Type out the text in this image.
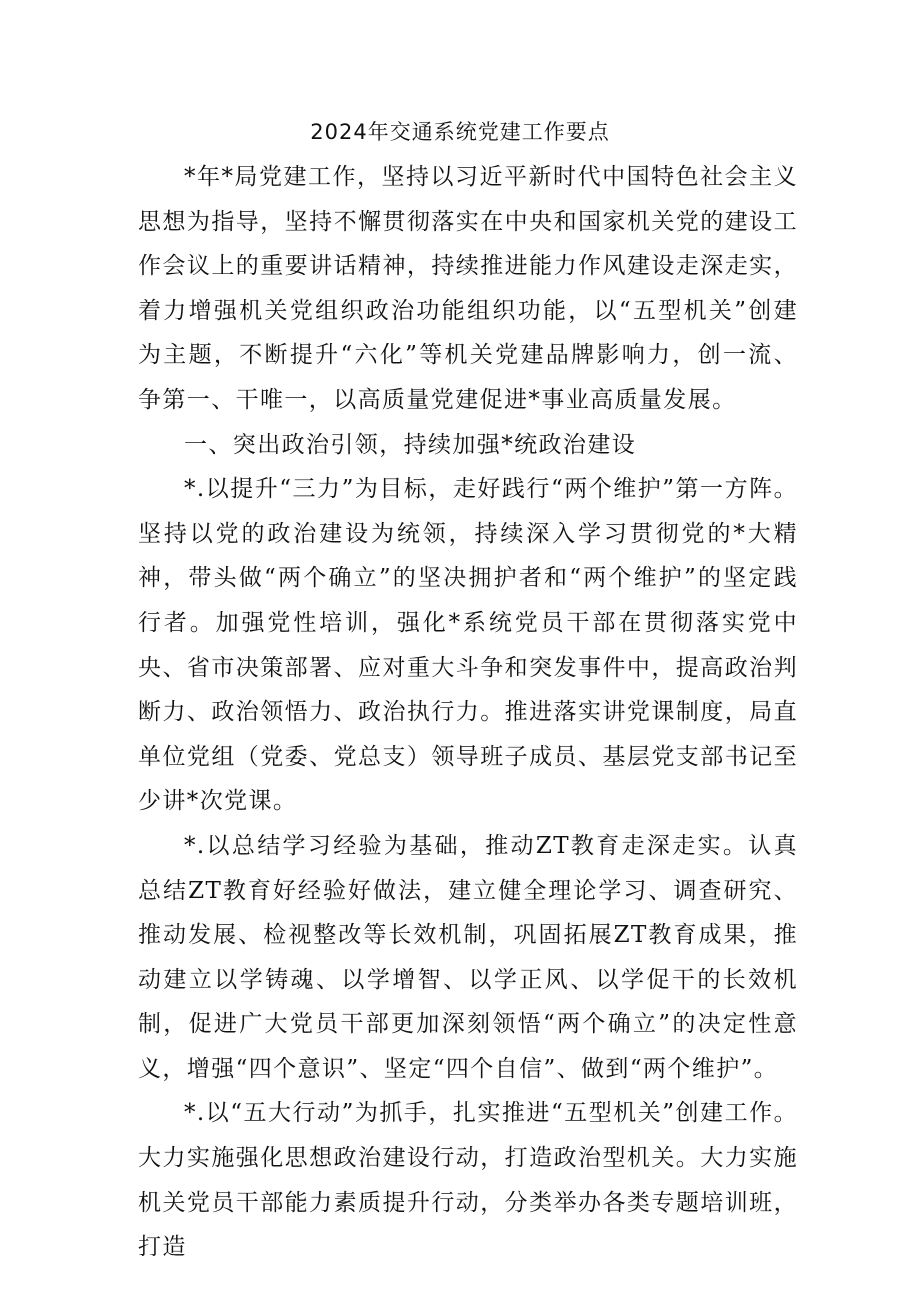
2024年交通系统党建工作要点

*年*局党建工作，坚持以习近平新时代中国特色社会主义思想为指导，坚持不懈贯彻落实在中央和国家机关党的建设工作会议上的重要讲话精神，持续推进能力作风建设走深走实，着力增强机关党组织政治功能组织功能，以“五型机关”创建为主题，不断提升“六化”等机关党建品牌影响力，创一流、争第一、干唯一，以高质量党建促进*事业高质量发展。

一、突出政治引领，持续加强*统政治建设

*.以提升“三力”为目标，走好践行“两个维护”第一方阵。坚持以党的政治建设为统领，持续深入学习贯彻党的*大精神，带头做“两个确立”的坚决拥护者和“两个维护”的坚定践行者。加强党性培训，强化*系统党员干部在贯彻落实党中央、省市决策部署、应对重大斗争和突发事件中，提高政治判断力、政治领悟力、政治执行力。推进落实讲党课制度，局直单位党组（党委、党总支）领导班子成员、基层党支部书记至少讲*次党课。

*.以总结学习经验为基础，推动ZT教育走深走实。认真总结ZT教育好经验好做法，建立健全理论学习、调查研究、推动发展、检视整改等长效机制，巩固拓展ZT教育成果，推动建立以学铸魂、以学增智、以学正风、以学促干的长效机制，促进广大党员干部更加深刻领悟“两个确立”的决定性意义，增强“四个意识”、坚定“四个自信”、做到“两个维护”。

*.以“五大行动”为抓手，扎实推进“五型机关”创建工作。大力实施强化思想政治建设行动，打造政治型机关。大力实施机关党员干部能力素质提升行动，分类举办各类专题培训班，打造
